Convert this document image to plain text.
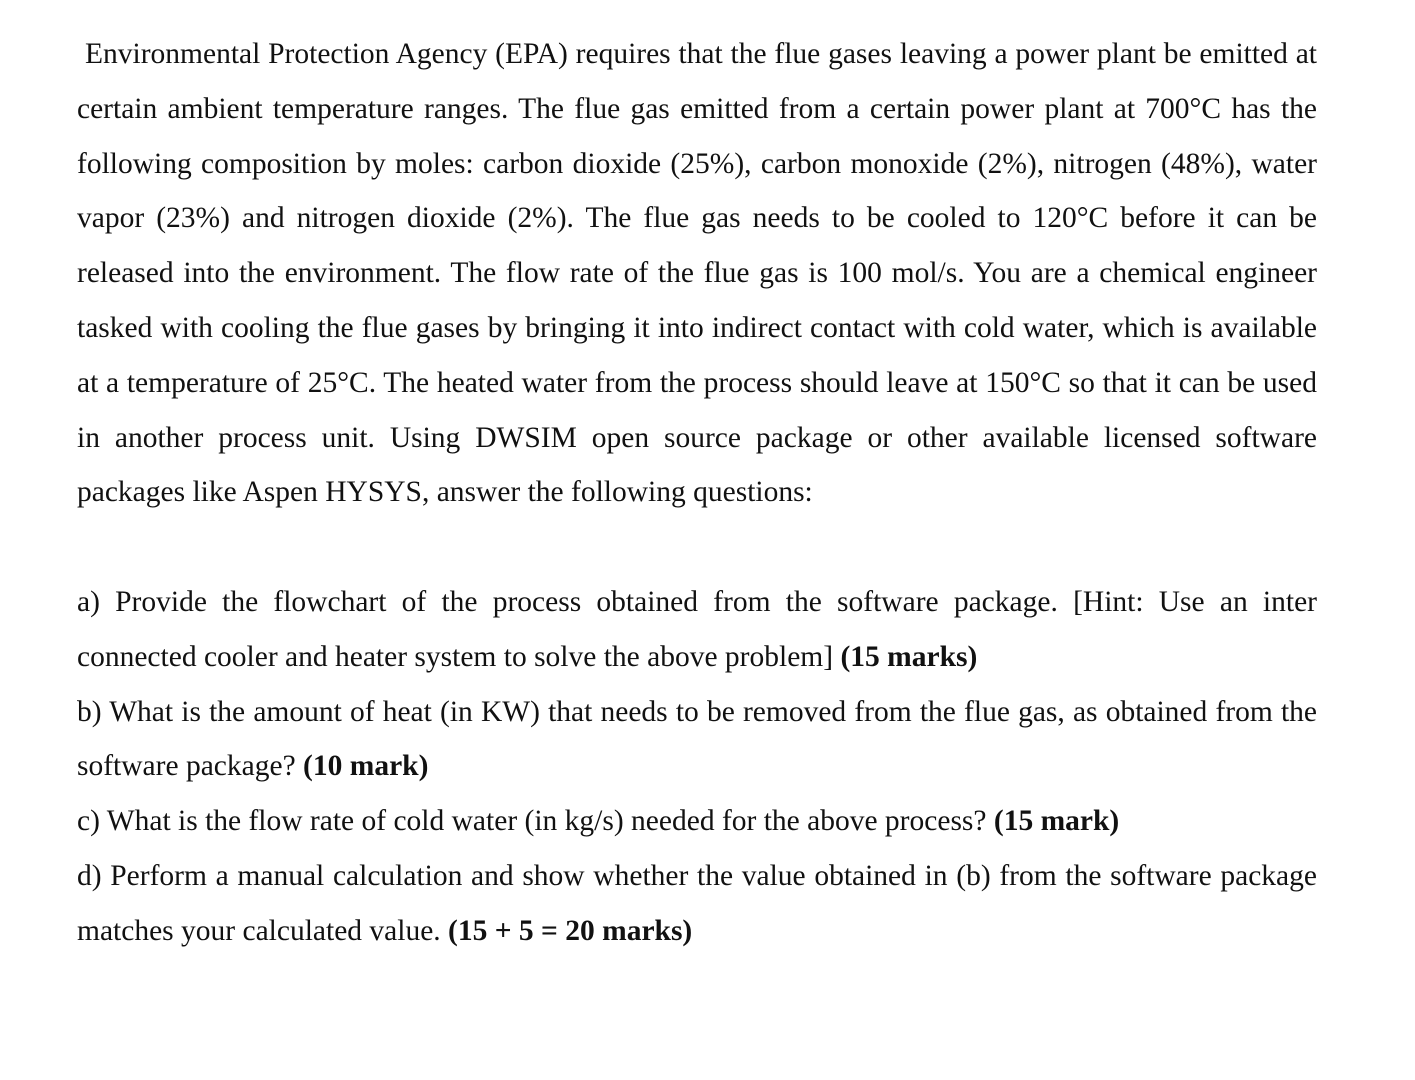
Environmental Protection Agency (EPA) requires that the flue gases leaving a power plant be emitted at certain ambient temperature ranges. The flue gas emitted from a certain power plant at 700°C has the following composition by moles: carbon dioxide (25%), carbon monoxide (2%), nitrogen (48%), water vapor (23%) and nitrogen dioxide (2%). The flue gas needs to be cooled to 120°C before it can be released into the environment. The flow rate of the flue gas is 100 mol/s. You are a chemical engineer tasked with cooling the flue gases by bringing it into indirect contact with cold water, which is available at a temperature of 25°C. The heated water from the process should leave at 150°C so that it can be used in another process unit. Using DWSIM open source package or other available licensed software packages like Aspen HYSYS, answer the following questions:

a) Provide the flowchart of the process obtained from the software package. [Hint: Use an inter connected cooler and heater system to solve the above problem] (15 marks)

b) What is the amount of heat (in KW) that needs to be removed from the flue gas, as obtained from the software package? (10 mark)

c) What is the flow rate of cold water (in kg/s) needed for the above process? (15 mark)

d) Perform a manual calculation and show whether the value obtained in (b) from the software package matches your calculated value. (15 + 5 = 20 marks)
